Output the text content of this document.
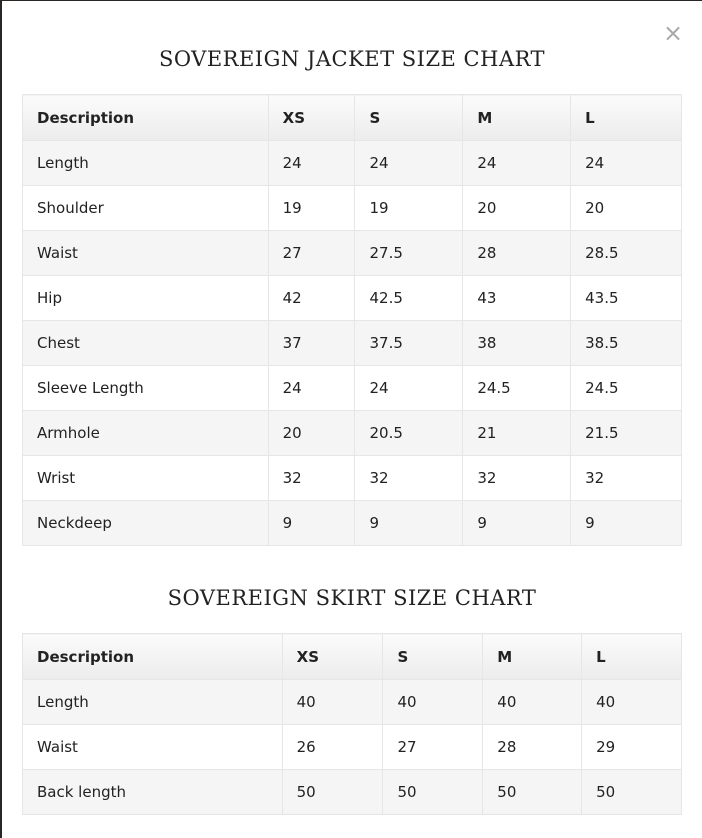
×
SOVEREIGN JACKET SIZE CHART
Description	XS	S	M	L
Length	24	24	24	24
Shoulder	19	19	20	20
Waist	27	27.5	28	28.5
Hip	42	42.5	43	43.5
Chest	37	37.5	38	38.5
Sleeve Length	24	24	24.5	24.5
Armhole	20	20.5	21	21.5
Wrist	32	32	32	32
Neckdeep	9	9	9	9
SOVEREIGN SKIRT SIZE CHART
Description	XS	S	M	L
Length	40	40	40	40
Waist	26	27	28	29
Back length	50	50	50	50
